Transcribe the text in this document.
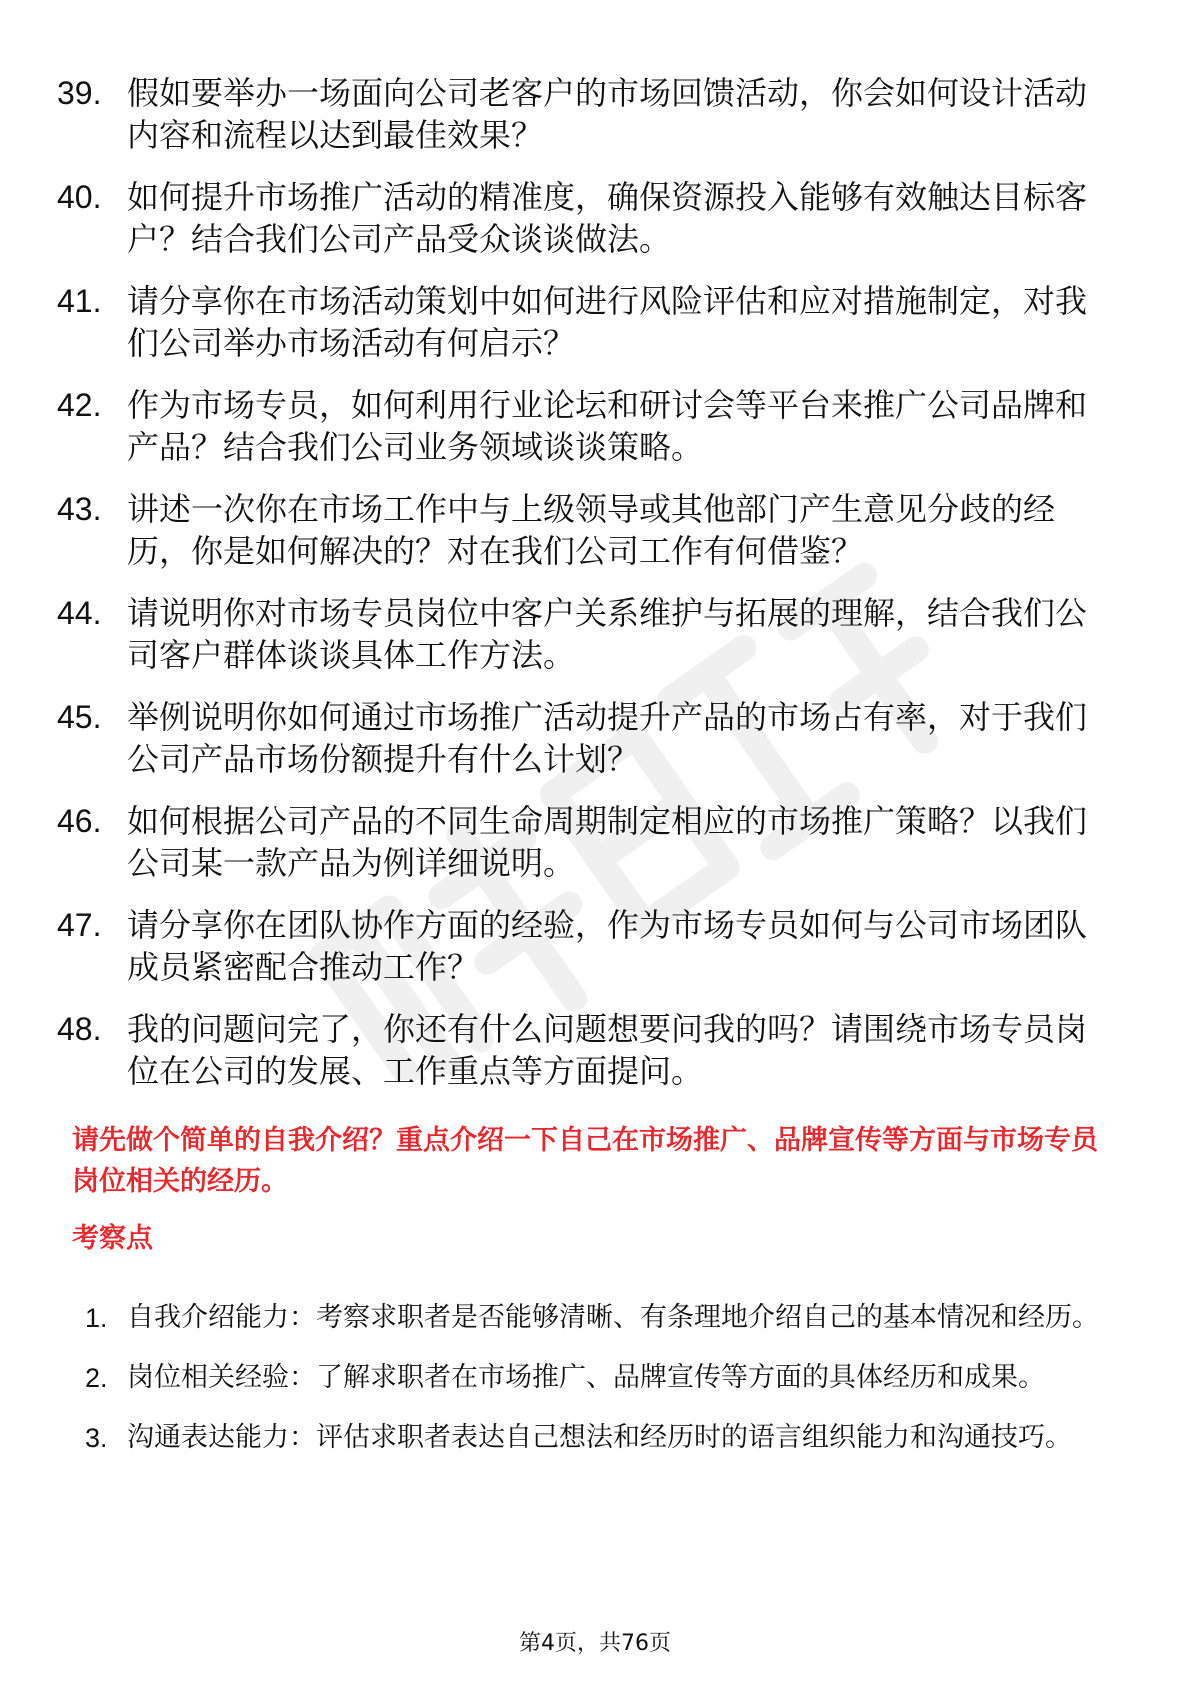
39. 假如要举办一场面向公司老客户的市场回馈活动，你会如何设计活动内容和流程以达到最佳效果？
40. 如何提升市场推广活动的精准度，确保资源投入能够有效触达目标客户？结合我们公司产品受众谈谈做法。
41. 请分享你在市场活动策划中如何进行风险评估和应对措施制定，对我们公司举办市场活动有何启示？
42. 作为市场专员，如何利用行业论坛和研讨会等平台来推广公司品牌和产品？结合我们公司业务领域谈谈策略。
43. 讲述一次你在市场工作中与上级领导或其他部门产生意见分歧的经历，你是如何解决的？对在我们公司工作有何借鉴？
44. 请说明你对市场专员岗位中客户关系维护与拓展的理解，结合我们公司客户群体谈谈具体工作方法。
45. 举例说明你如何通过市场推广活动提升产品的市场占有率，对于我们公司产品市场份额提升有什么计划？
46. 如何根据公司产品的不同生命周期制定相应的市场推广策略？以我们公司某一款产品为例详细说明。
47. 请分享你在团队协作方面的经验，作为市场专员如何与公司市场团队成员紧密配合推动工作？
48. 我的问题问完了，你还有什么问题想要问我的吗？请围绕市场专员岗位在公司的发展、工作重点等方面提问。
请先做个简单的自我介绍？重点介绍一下自己在市场推广、品牌宣传等方面与市场专员岗位相关的经历。
考察点
1. 自我介绍能力：考察求职者是否能够清晰、有条理地介绍自己的基本情况和经历。
2. 岗位相关经验：了解求职者在市场推广、品牌宣传等方面的具体经历和成果。
3. 沟通表达能力：评估求职者表达自己想法和经历时的语言组织能力和沟通技巧。
第4页，共76页
